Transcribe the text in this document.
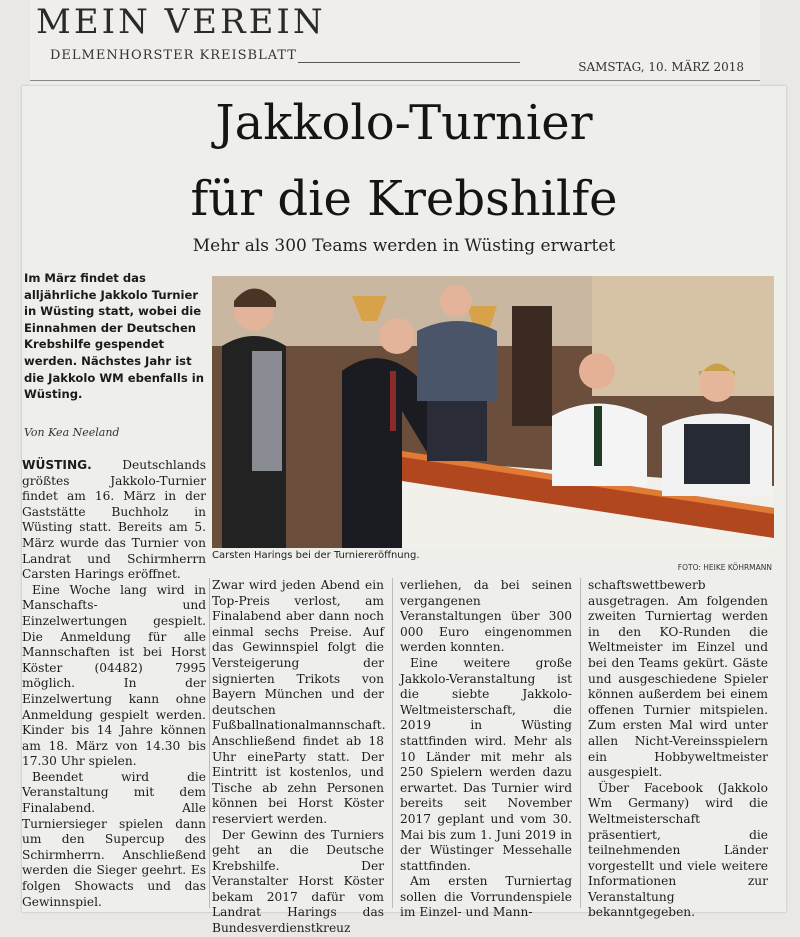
MEIN VEREIN
DELMENHORSTER KREISBLATT
SAMSTAG, 10. MÄRZ 2018
Jakkolo-Turnier
für die Krebshilfe
Mehr als 300 Teams werden in Wüsting erwartet
Im März findet das alljährliche Jakkolo Turnier in Wüsting statt, wobei die Einnahmen der Deutschen Krebshilfe gespendet werden. Nächstes Jahr ist die Jakkolo WM ebenfalls in Wüsting.
Von Kea Neeland
Carsten Harings bei der Turniereröffnung.
FOTO: HEIKE KÖHRMANN

WÜSTING. Deutschlands größtes Jakkolo-Turnier findet am 16. März in der Gaststätte Buchholz in Wüsting statt. Bereits am 5. März wurde das Turnier von Landrat und Schirmherrn Carsten Harings eröffnet.

Eine Woche lang wird in Manschafts- und Einzelwertungen gespielt. Die Anmeldung für alle Mannschaften ist bei Horst Köster (04482) 7995 möglich. In der Einzelwertung kann ohne Anmeldung gespielt werden. Kinder bis 14 Jahre können am 18. März von 14.30 bis 17.30 Uhr spielen.

Beendet wird die Veranstaltung mit dem Finalabend. Alle Turniersieger spielen dann um den Supercup des Schirmherrn. Anschließend werden die Sieger geehrt. Es folgen Showacts und das Gewinnspiel.

Zwar wird jeden Abend ein Top-Preis verlost, am Finalabend aber dann noch einmal sechs Preise. Auf das Gewinnspiel folgt die Versteigerung der signierten Trikots von Bayern München und der deutschen Fußballnationalmannschaft. Anschließend findet ab 18 Uhr eineParty statt. Der Eintritt ist kostenlos, und Tische ab zehn Personen können bei Horst Köster reserviert werden.

Der Gewinn des Turniers geht an die Deutsche Krebshilfe. Der Veranstalter Horst Köster bekam 2017 dafür vom Landrat Harings das Bundesverdienstkreuz

verliehen, da bei seinen vergangenen Veranstaltungen über 300 000 Euro eingenommen werden konnten.

Eine weitere große Jakkolo-Veranstaltung ist die siebte Jakkolo-Weltmeisterschaft, die 2019 in Wüsting stattfinden wird. Mehr als 10 Länder mit mehr als 250 Spielern werden dazu erwartet. Das Turnier wird bereits seit November 2017 geplant und vom 30. Mai bis zum 1. Juni 2019 in der Wüstinger Messehalle stattfinden.

Am ersten Turniertag sollen die Vorrundenspiele im Einzel- und Mann-

schaftswettbewerb ausgetragen. Am folgenden zweiten Turniertag werden in den KO-Runden die Weltmeister im Einzel und bei den Teams gekürt. Gäste und ausgeschiedene Spieler können außerdem bei einem offenen Turnier mitspielen. Zum ersten Mal wird unter allen Nicht-Vereinsspielern ein Hobbyweltmeister ausgespielt.

Über Facebook (Jakkolo Wm Germany) wird die Weltmeisterschaft präsentiert, die teilnehmenden Länder vorgestellt und viele weitere Informationen zur Veranstaltung bekanntgegeben.
